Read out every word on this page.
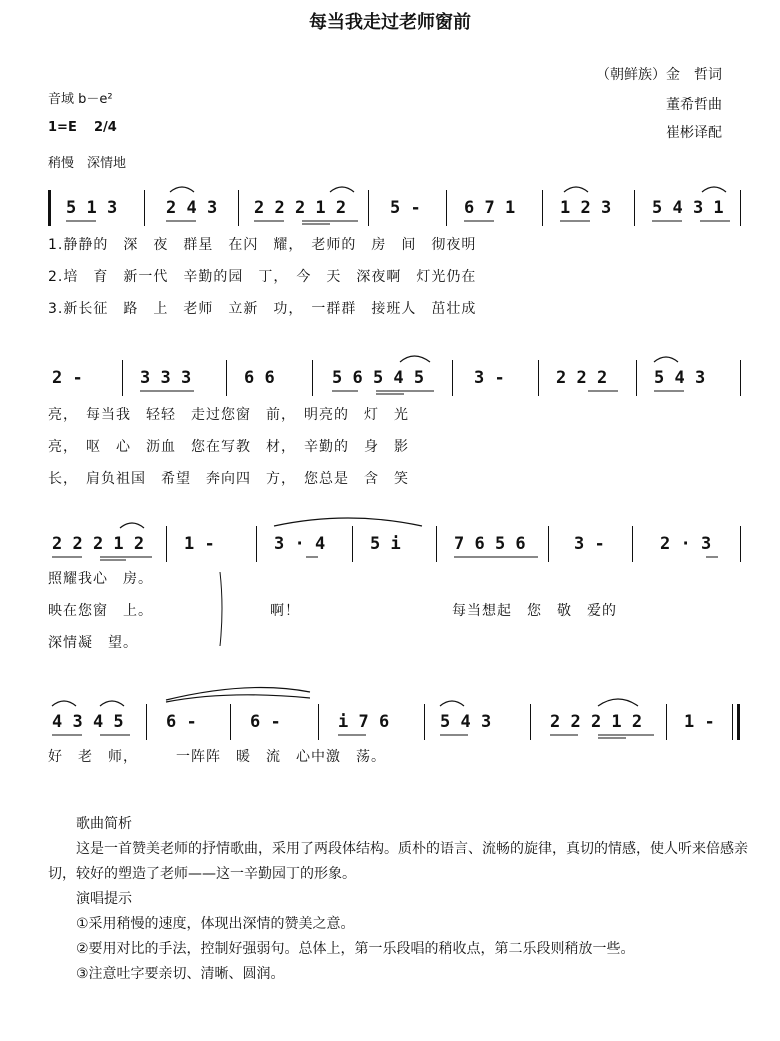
每当我走过老师窗前
（朝鲜族）金　哲词
董希哲曲
崔彬译配
音域 b－e²
1=E 2/4
稍慢　深情地
5 1 3	2 4 3 2 2 2 1 2	5 -	6 7 1	1 2 3 5 4 3 1
1.静静的　深　夜　群星　在闪　耀，　老师的　房　间　彻夜明
2.培　育　新一代　辛勤的园　丁，　今　天　深夜啊　灯光仍在
3.新长征　路　上　老师　立新　功，　一群群　接班人　茁壮成
2 -	3 3 3	6 6	5 6 5 4 5	3 -	2 2 2	5 4 3
亮，　每当我　轻轻　走过您窗　前，　明亮的　灯　光
亮，　呕　心　沥血　您在写教　材，　辛勤的　身　影
长，　肩负祖国　希望　奔向四　方，　您总是　含　笑
2 2 2 1 2 1 -	3 · 4	5 i	7 6 5 6	3 -	2 · 3
照耀我心　房。
映在您窗　上。
深情凝　望。
啊！	每当想起　您　敬　爱的
4 3 4 5 6 -	6 -	i 7 6	5 4 3	2 2 2 1 2 1 -
好　老　师，　　　一阵阵　暖　流　心中激　荡。

歌曲简析

这是一首赞美老师的抒情歌曲，采用了两段体结构。质朴的语言、流畅的旋律，真切的情感，使人听来倍感亲切，较好的塑造了老师——这一辛勤园丁的形象。

演唱提示

①采用稍慢的速度，体现出深情的赞美之意。

②要用对比的手法，控制好强弱句。总体上，第一乐段唱的稍收点，第二乐段则稍放一些。

③注意吐字要亲切、清晰、圆润。
